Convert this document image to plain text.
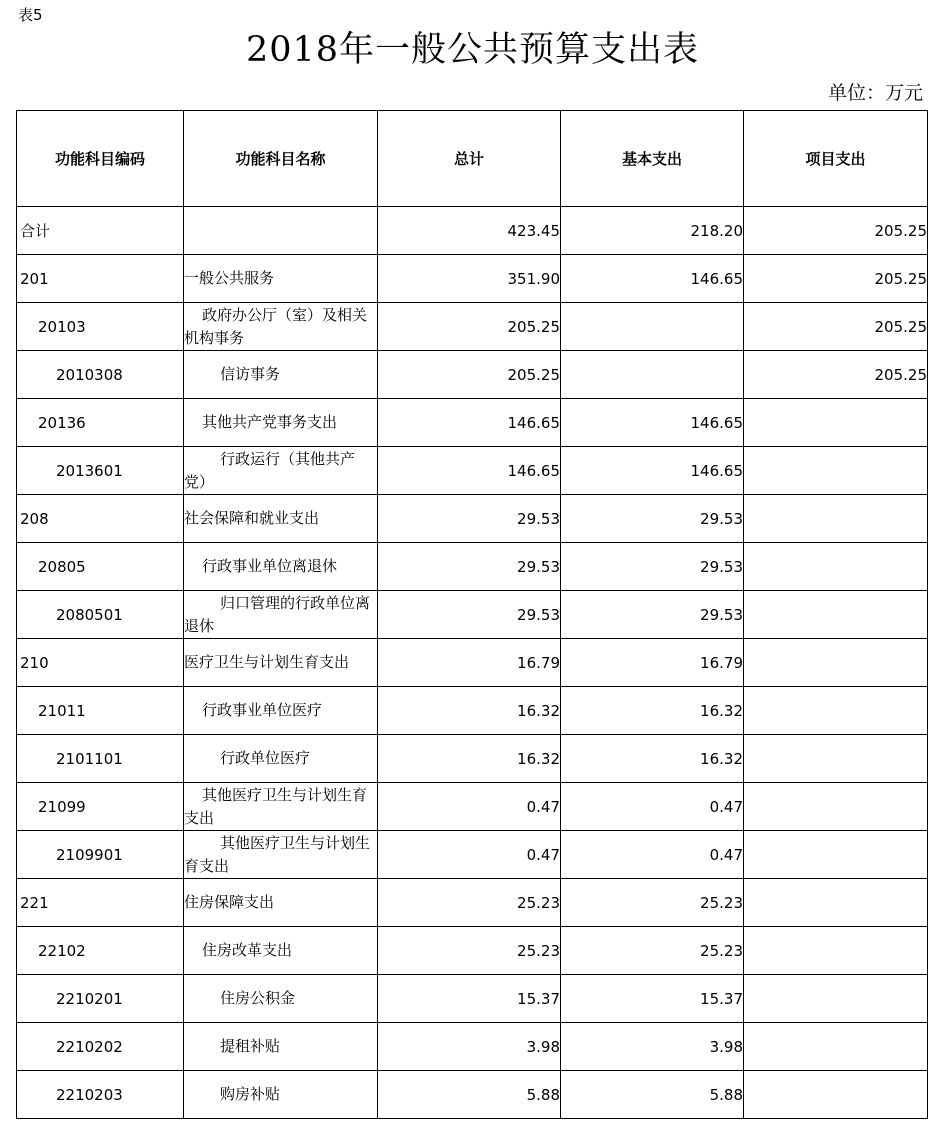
表5
2018年一般公共预算支出表
单位：万元
功能科目编码	功能科目名称	总计	基本支出	项目支出
合计		423.45	218.20	205.25
201	一般公共服务	351.90	146.65	205.25
20103	政府办公厅（室）及相关机构事务	205.25		205.25
2010308	信访事务	205.25		205.25
20136	其他共产党事务支出	146.65	146.65	
2013601	行政运行（其他共产党）	146.65	146.65	
208	社会保障和就业支出	29.53	29.53	
20805	行政事业单位离退休	29.53	29.53	
2080501	归口管理的行政单位离退休	29.53	29.53	
210	医疗卫生与计划生育支出	16.79	16.79	
21011	行政事业单位医疗	16.32	16.32	
2101101	行政单位医疗	16.32	16.32	
21099	其他医疗卫生与计划生育支出	0.47	0.47	
2109901	其他医疗卫生与计划生育支出	0.47	0.47	
221	住房保障支出	25.23	25.23	
22102	住房改革支出	25.23	25.23	
2210201	住房公积金	15.37	15.37	
2210202	提租补贴	3.98	3.98	
2210203	购房补贴	5.88	5.88	
